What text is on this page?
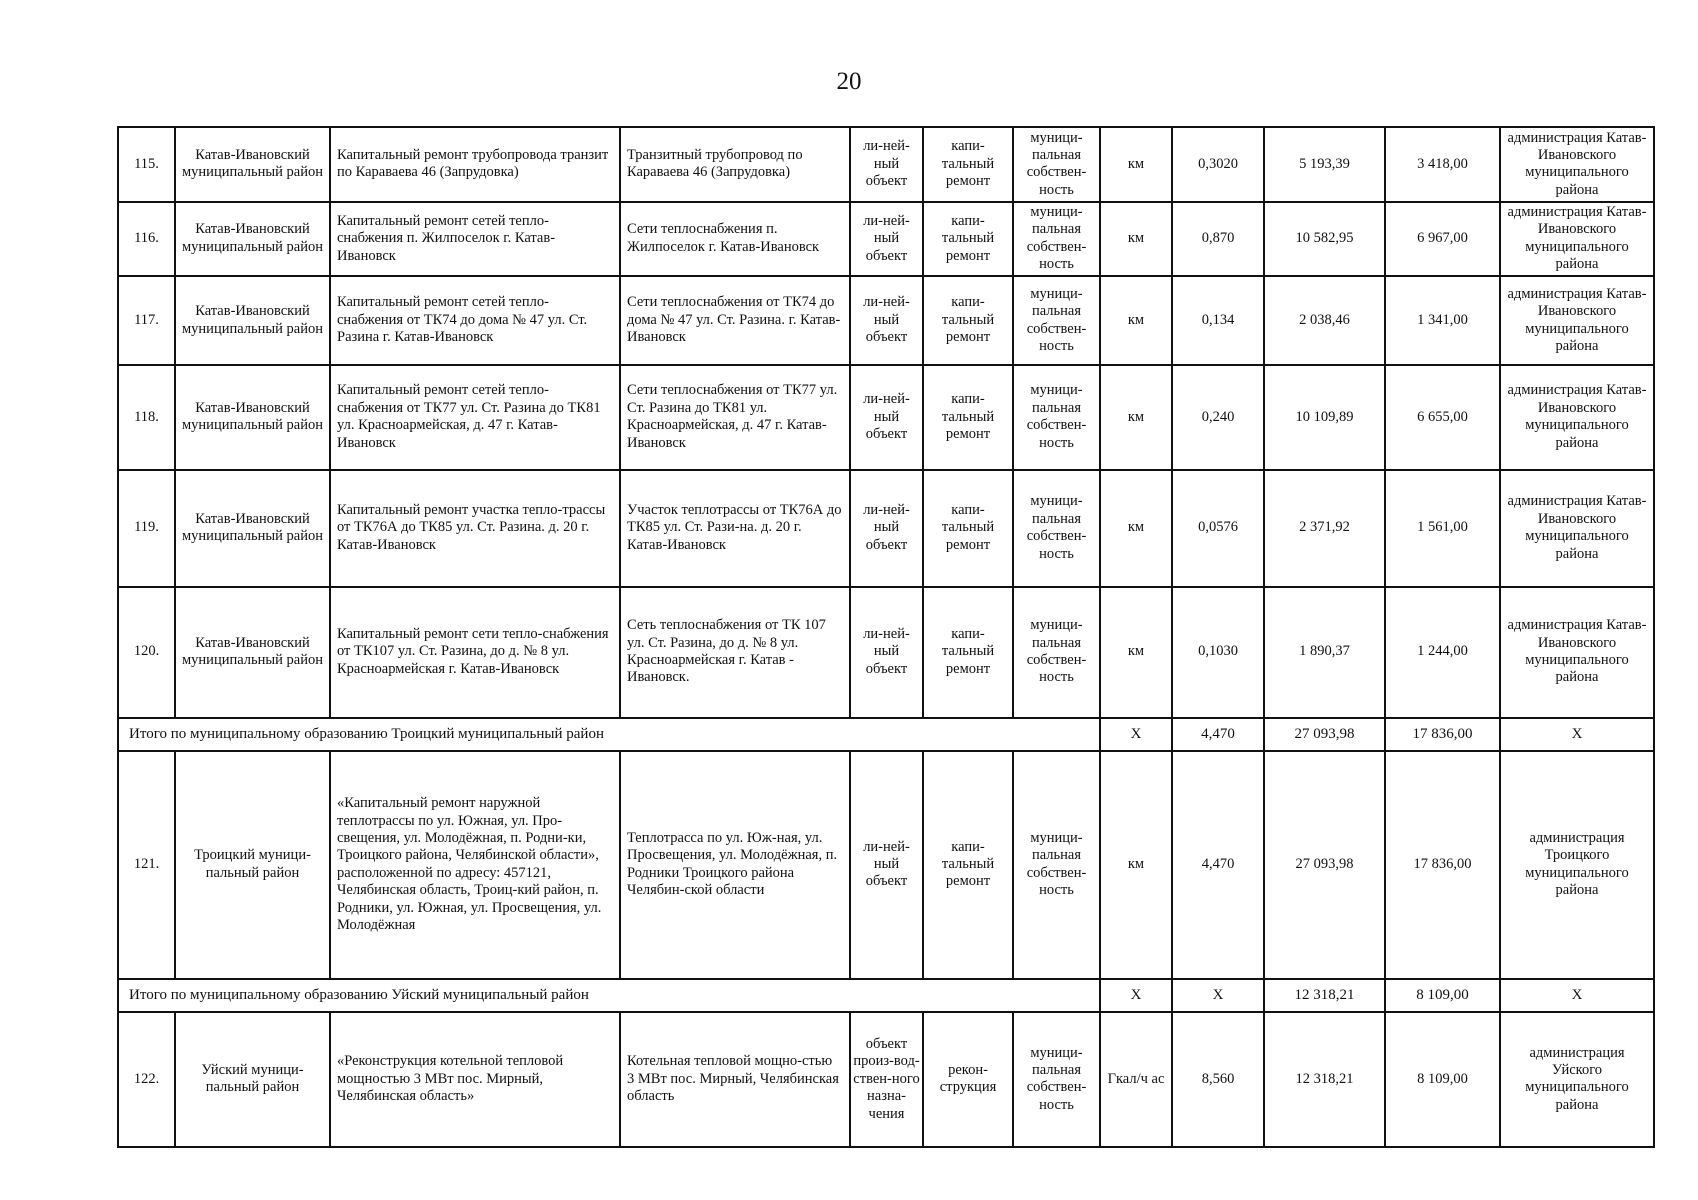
20
115.	Катав-Ивановский муниципальный район	Капитальный ремонт трубопровода транзит по Караваева 46 (Запрудовка)	Транзитный трубопровод по Караваева 46 (Запрудовка)	ли-ней-ный объект	капи-тальный ремонт	муници-пальная собствен-ность	км	0,3020	5 193,39	3 418,00	администрация Катав-Ивановского муниципального района
116.	Катав-Ивановский муниципальный район	Капитальный ремонт сетей тепло-снабжения п. Жилпоселок г. Катав-Ивановск	Сети теплоснабжения п. Жилпоселок г. Катав-Ивановск	ли-ней-ный объект	капи-тальный ремонт	муници-пальная собствен-ность	км	0,870	10 582,95	6 967,00	администрация Катав-Ивановского муниципального района
117.	Катав-Ивановский муниципальный район	Капитальный ремонт сетей тепло-снабжения от ТК74 до дома № 47 ул. Ст. Разина г. Катав-Ивановск	Сети теплоснабжения от ТК74 до дома № 47 ул. Ст. Разина. г. Катав-Ивановск	ли-ней-ный объект	капи-тальный ремонт	муници-пальная собствен-ность	км	0,134	2 038,46	1 341,00	администрация Катав-Ивановского муниципального района
118.	Катав-Ивановский муниципальный район	Капитальный ремонт сетей тепло-снабжения от ТК77 ул. Ст. Разина до ТК81 ул. Красноармейская, д. 47 г. Катав-Ивановск	Сети теплоснабжения от ТК77 ул. Ст. Разина до ТК81 ул. Красноармейская, д. 47 г. Катав-Ивановск	ли-ней-ный объект	капи-тальный ремонт	муници-пальная собствен-ность	км	0,240	10 109,89	6 655,00	администрация Катав-Ивановского муниципального района
119.	Катав-Ивановский муниципальный район	Капитальный ремонт участка тепло-трассы от ТК76А до ТК85 ул. Ст. Разина. д. 20 г. Катав-Ивановск	Участок теплотрассы от ТК76А до ТК85 ул. Ст. Рази-на. д. 20 г. Катав-Ивановск	ли-ней-ный объект	капи-тальный ремонт	муници-пальная собствен-ность	км	0,0576	2 371,92	1 561,00	администрация Катав-Ивановского муниципального района
120.	Катав-Ивановский муниципальный район	Капитальный ремонт сети тепло-снабжения от ТК107 ул. Ст. Разина, до д. № 8 ул. Красноармейская г. Катав-Ивановск	Сеть теплоснабжения от ТК 107 ул. Ст. Разина, до д. № 8 ул. Красноармейская г. Катав - Ивановск.	ли-ней-ный объект	капи-тальный ремонт	муници-пальная собствен-ность	км	0,1030	1 890,37	1 244,00	администрация Катав-Ивановского муниципального района
Итого по муниципальному образованию Троицкий муниципальный район							Х	4,470	27 093,98	17 836,00	Х
121.	Троицкий муници-пальный район	«Капитальный ремонт наружной теплотрассы по ул. Южная, ул. Про-свещения, ул. Молодёжная, п. Родни-ки, Троицкого района, Челябинской области», расположенной по адресу: 457121, Челябинская область, Троиц-кий район, п. Родники, ул. Южная, ул. Просвещения, ул. Молодёжная	Теплотрасса по ул. Юж-ная, ул. Просвещения, ул. Молодёжная, п. Родники Троицкого района Челябин-ской области	ли-ней-ный объект	капи-тальный ремонт	муници-пальная собствен-ность	км	4,470	27 093,98	17 836,00	администрация Троицкого муниципального района
Итого по муниципальному образованию Уйский муниципальный район							Х	Х	12 318,21	8 109,00	Х
122.	Уйский муници-пальный район	«Реконструкция котельной тепловой мощностью 3 МВт пос. Мирный, Челябинская область»	Котельная тепловой мощно-стью 3 МВт пос. Мирный, Челябинская область	объект произ-вод-ствен-ного назна-чения	рекон-струкция	муници-пальная собствен-ность	Гкал/ч ас	8,560	12 318,21	8 109,00	администрация Уйского муниципального района
